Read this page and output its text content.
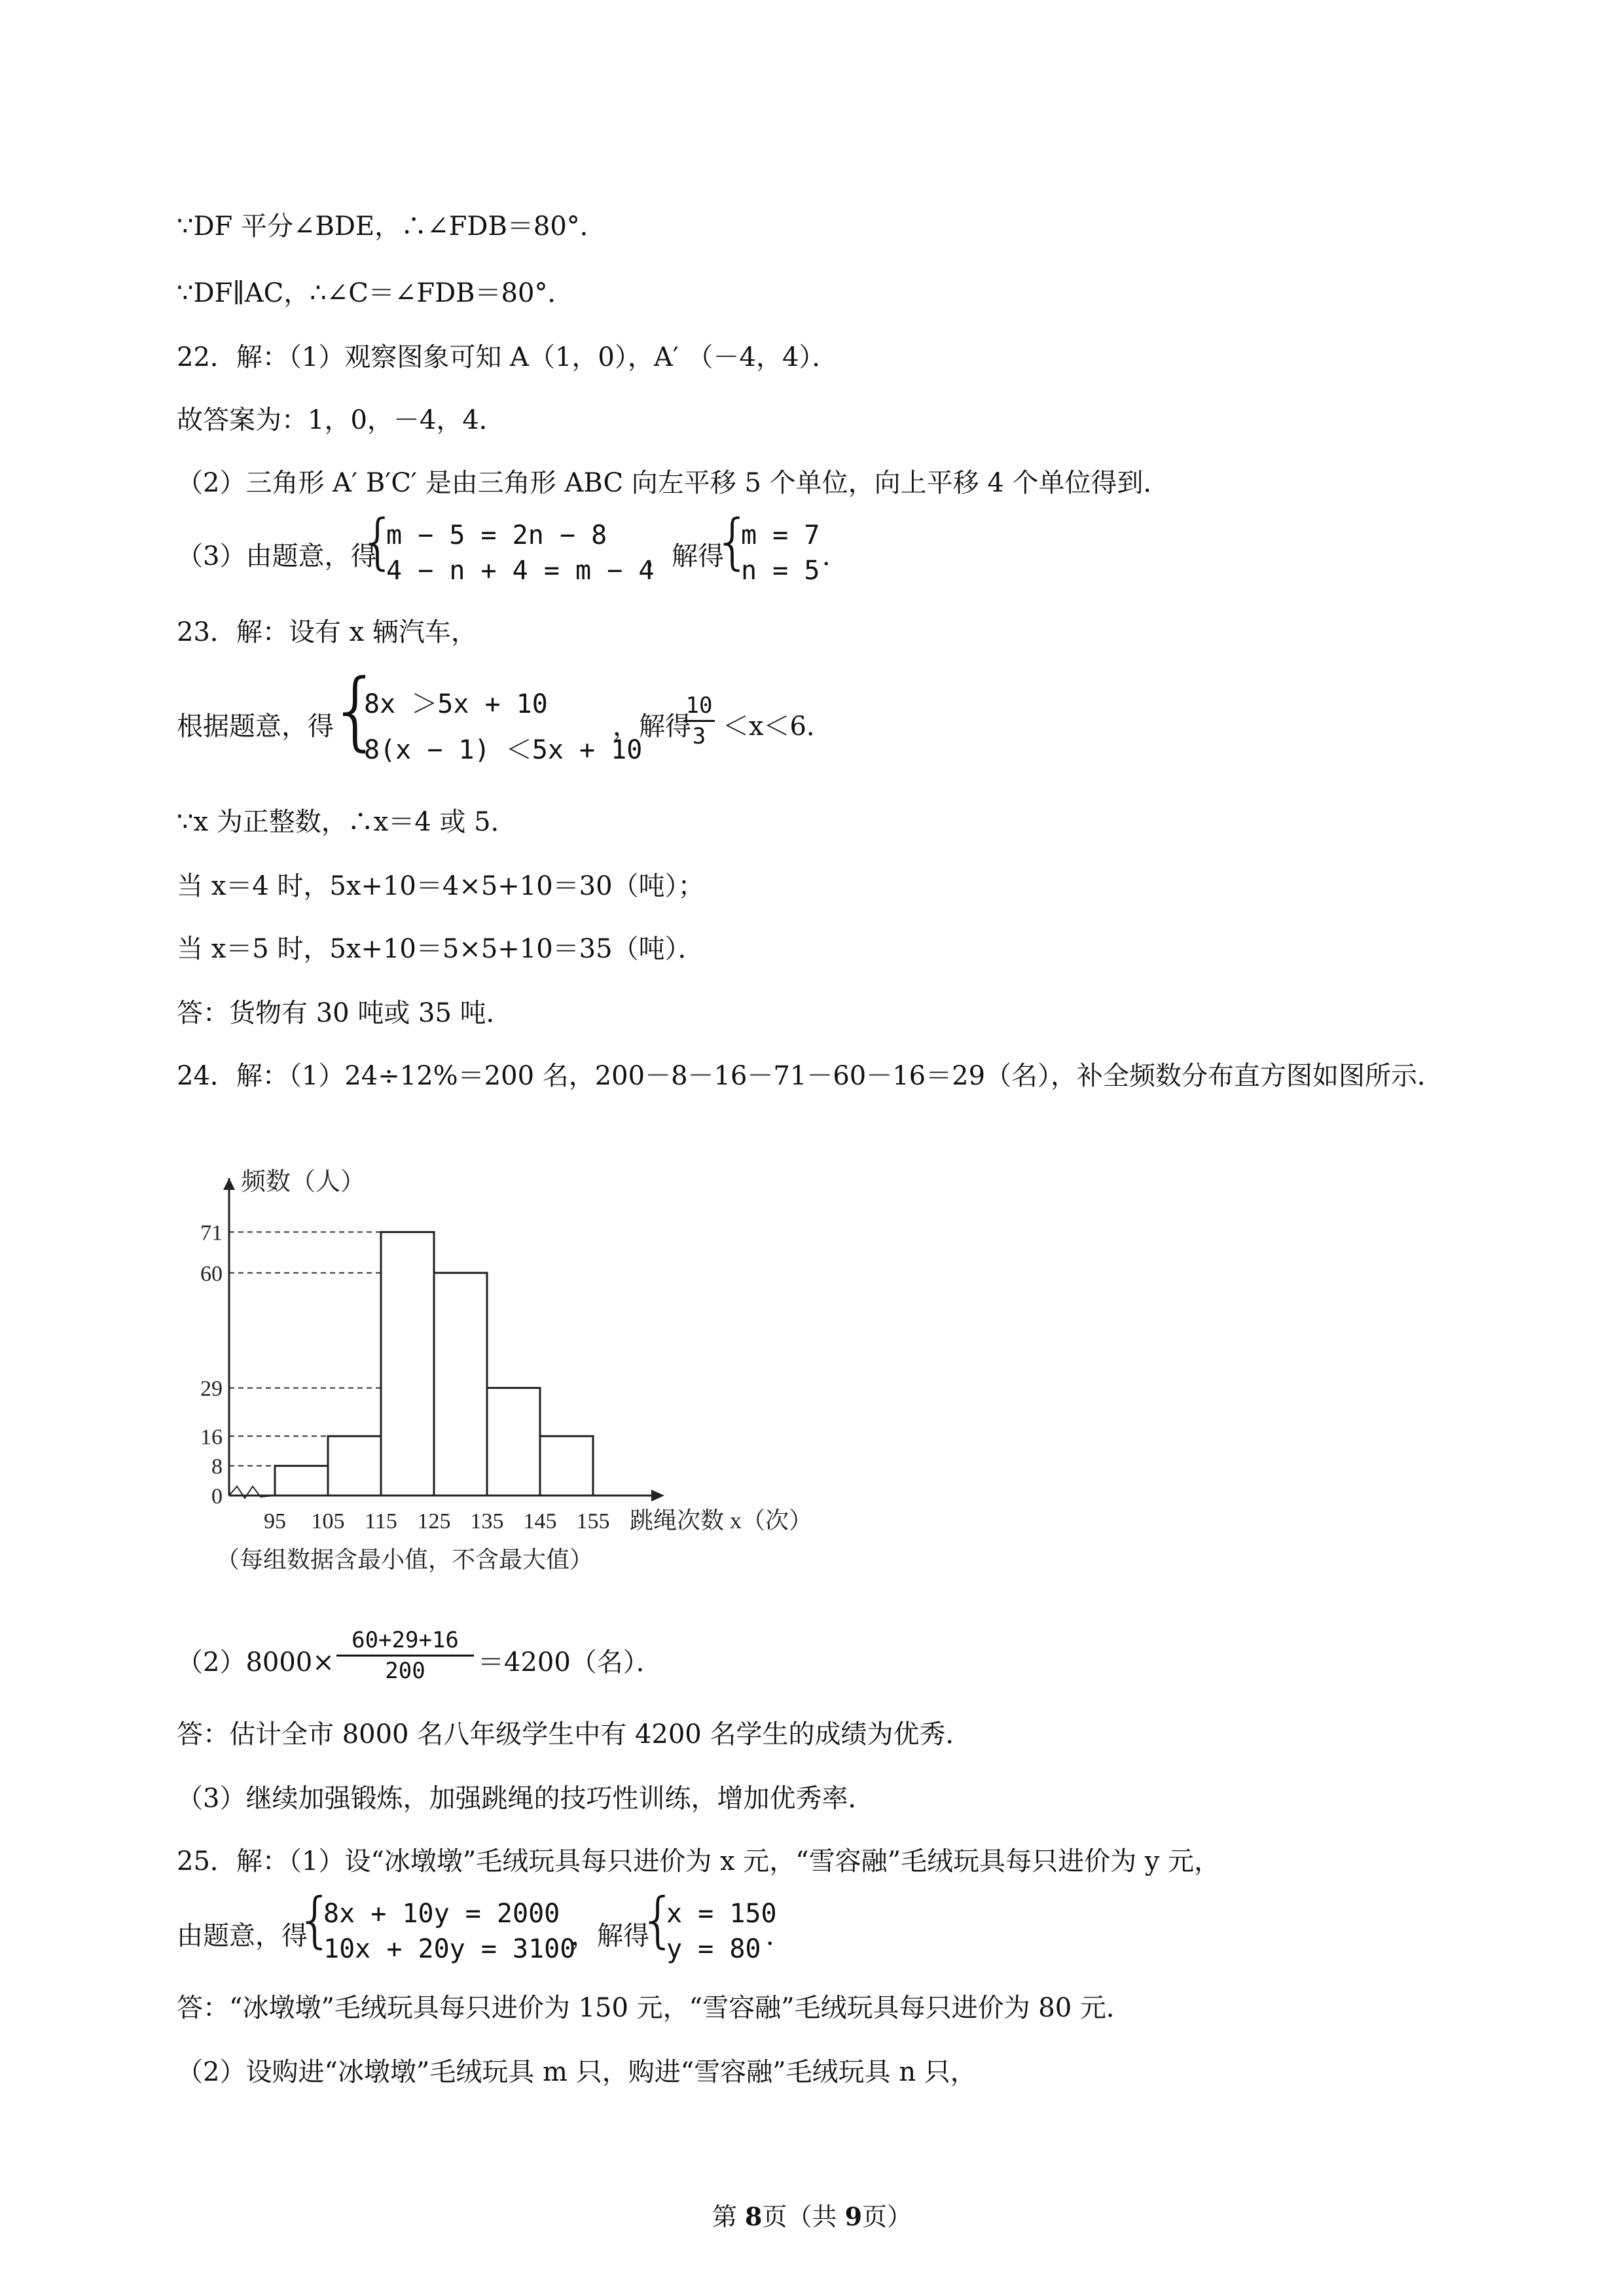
∵DF 平分∠BDE，∴∠FDB＝80°．
∵DF∥AC，∴∠C＝∠FDB＝80°．
22．解：（1）观察图象可知 A（1，0），A′ （－4，4）．
故答案为：1，0，－4，4．
（2）三角形 A′ B′C′ 是由三角形 ABC 向左平移 5 个单位，向上平移 4 个单位得到．
（3）由题意，得
{
m − 5 = 2n − 8
4 − n + 4 = m − 4
，解得
{
m = 7
n = 5 ．
23．解：设有 x 辆汽车，
根据题意，得
{
8x ＞5x + 10
8(x − 1) ＜5x + 10
，解得
$\frac{10}{3} <x<6$．
∵x 为正整数，∴x＝4 或 5．
当 x＝4 时，5x+10＝4×5+10＝30（吨）；
当 x＝5 时，5x+10＝5×5+10＝35（吨）．
答：货物有 30 吨或 35 吨．
24．解：（1）24÷12%＝200 名，200－8－16－71－60－16＝29（名），补全频数分布直方图如图所示．
0
8
16
29
60
71
95 105 115 125 135 145 155
频数（人）
跳绳次数 x（次）
（每组数据含最小值，不含最大值）
$(2)8000\times \frac{60+29+16}{200} =4200$（名）．
答：估计全市 8000 名八年级学生中有 4200 名学生的成绩为优秀．
（3）继续加强锻炼，加强跳绳的技巧性训练，增加优秀率．
25．解：（1）设“冰墩墩”毛绒玩具每只进价为 x 元，“雪容融”毛绒玩具每只进价为 y 元，
由题意，得
{
8x + 10y = 2000
10x + 20y = 3100
，解得
{
x = 150
y = 80 ．
答：“冰墩墩”毛绒玩具每只进价为 150 元，“雪容融”毛绒玩具每只进价为 80 元．
（2）设购进“冰墩墩”毛绒玩具 m 只，购进“雪容融”毛绒玩具 n 只，
第 8页（共 9页）
